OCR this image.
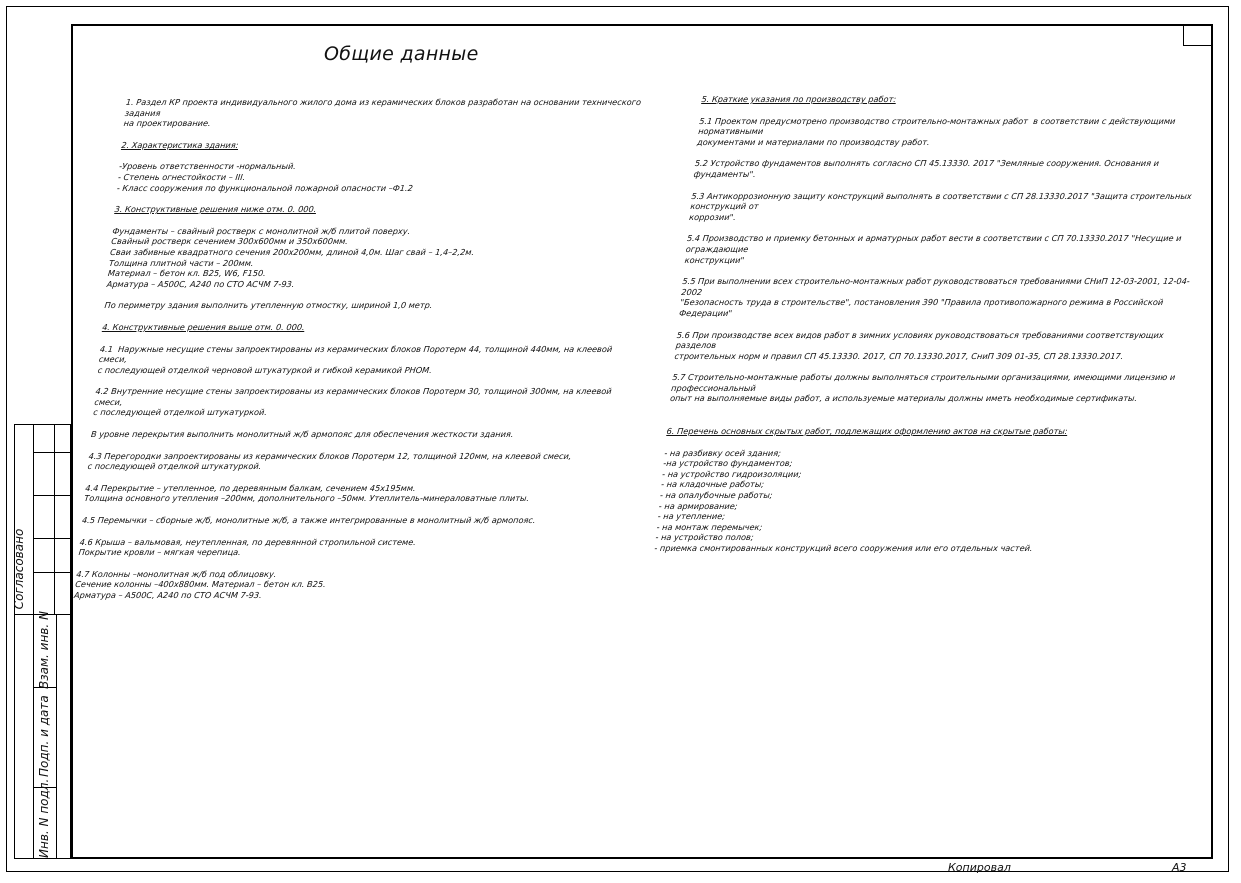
Согласовано
Взам. инв. N
Подп. и дата
Инв. N подл.
Общие данные

1. Раздел КР проекта индивидуального жилого дома из керамических блоков разработан на основании технического задания
на проектирование.

2. Характеристика здания:

-Уровень ответственности -нормальный.
- Степень огнестойкости – III.
- Класс сооружения по функциональной пожарной опасности –Ф1.2

3. Конструктивные решения ниже отм. 0. 000.

Фундаменты – свайный ростверк с монолитной ж/б плитой поверху.
Свайный ростверк сечением 300х600мм и 350х600мм.
Сваи забивные квадратного сечения 200х200мм, длиной 4,0м. Шаг свай – 1,4–2,2м.
Толщина плитной части – 200мм.
Материал – бетон кл. В25, W6, F150.
Арматура – А500С, А240 по СТО АСЧМ 7-93.

По периметру здания выполнить утепленную отмостку, шириной 1,0 метр.

4. Конструктивные решения выше отм. 0. 000.

4.1  Наружные несущие стены запроектированы из керамических блоков Поротерм 44, толщиной 440мм, на клеевой смеси,
с последующей отделкой черновой штукатуркой и гибкой керамикой РНОМ.

4.2 Внутренние несущие стены запроектированы из керамических блоков Поротерм 30, толщиной 300мм, на клеевой смеси,
с последующей отделкой штукатуркой.

В уровне перекрытия выполнить монолитный ж/б армопояс для обеспечения жесткости здания.

4.3 Перегородки запроектированы из керамических блоков Поротерм 12, толщиной 120мм, на клеевой смеси,
с последующей отделкой штукатуркой.

4.4 Перекрытие – утепленное, по деревянным балкам, сечением 45х195мм.
Толщина основного утепления –200мм, дополнительного –50мм. Утеплитель-минераловатные плиты.

4.5 Перемычки – сборные ж/б, монолитные ж/б, а также интегрированные в монолитный ж/б армопояс.

4.6 Крыша – вальмовая, неутепленная, по деревянной стропильной системе.
Покрытие кровли – мягкая черепица.

4.7 Колонны –монолитная ж/б под облицовку.
Сечение колонны –400х880мм. Материал – бетон кл. В25.
Арматура – А500С, А240 по СТО АСЧМ 7-93.

5. Краткие указания по производству работ:

5.1 Проектом предусмотрено производство строительно-монтажных работ  в соответствии с действующими нормативными
документами и материалами по производству работ.

5.2 Устройство фундаментов выполнять согласно СП 45.13330. 2017 "Земляные сооружения. Основания и фундаменты".

5.3 Антикоррозионную защиту конструкций выполнять в соответствии с СП 28.13330.2017 "Защита строительных конструкций от
коррозии".

5.4 Производство и приемку бетонных и арматурных работ вести в соответствии с СП 70.13330.2017 "Несущие и ограждающие
конструкции"

5.5 При выполнении всех строительно-монтажных работ руководствоваться требованиями СНиП 12-03-2001, 12-04-2002
"Безопасность труда в строительстве", постановления 390 "Правила противопожарного режима в Российской Федерации"

5.6 При производстве всех видов работ в зимних условиях руководствоваться требованиями соответствующих разделов
строительных норм и правил СП 45.13330. 2017, СП 70.13330.2017, СниП 309 01-35, СП 28.13330.2017.

5.7 Строительно-монтажные работы должны выполняться строительными организациями, имеющими лицензию и профессиональный
опыт на выполняемые виды работ, а используемые материалы должны иметь необходимые сертификаты.

6. Перечень основных скрытых работ, подлежащих оформлению актов на скрытые работы:

- на разбивку осей здания;
-на устройство фундаментов;
- на устройство гидроизоляции;
- на кладочные работы;
- на опалубочные работы;
- на армирование;
- на утепление;
- на монтаж перемычек;
- на устройство полов;
- приемка смонтированных конструкций всего сооружения или его отдельных частей.

Копировал	А3
